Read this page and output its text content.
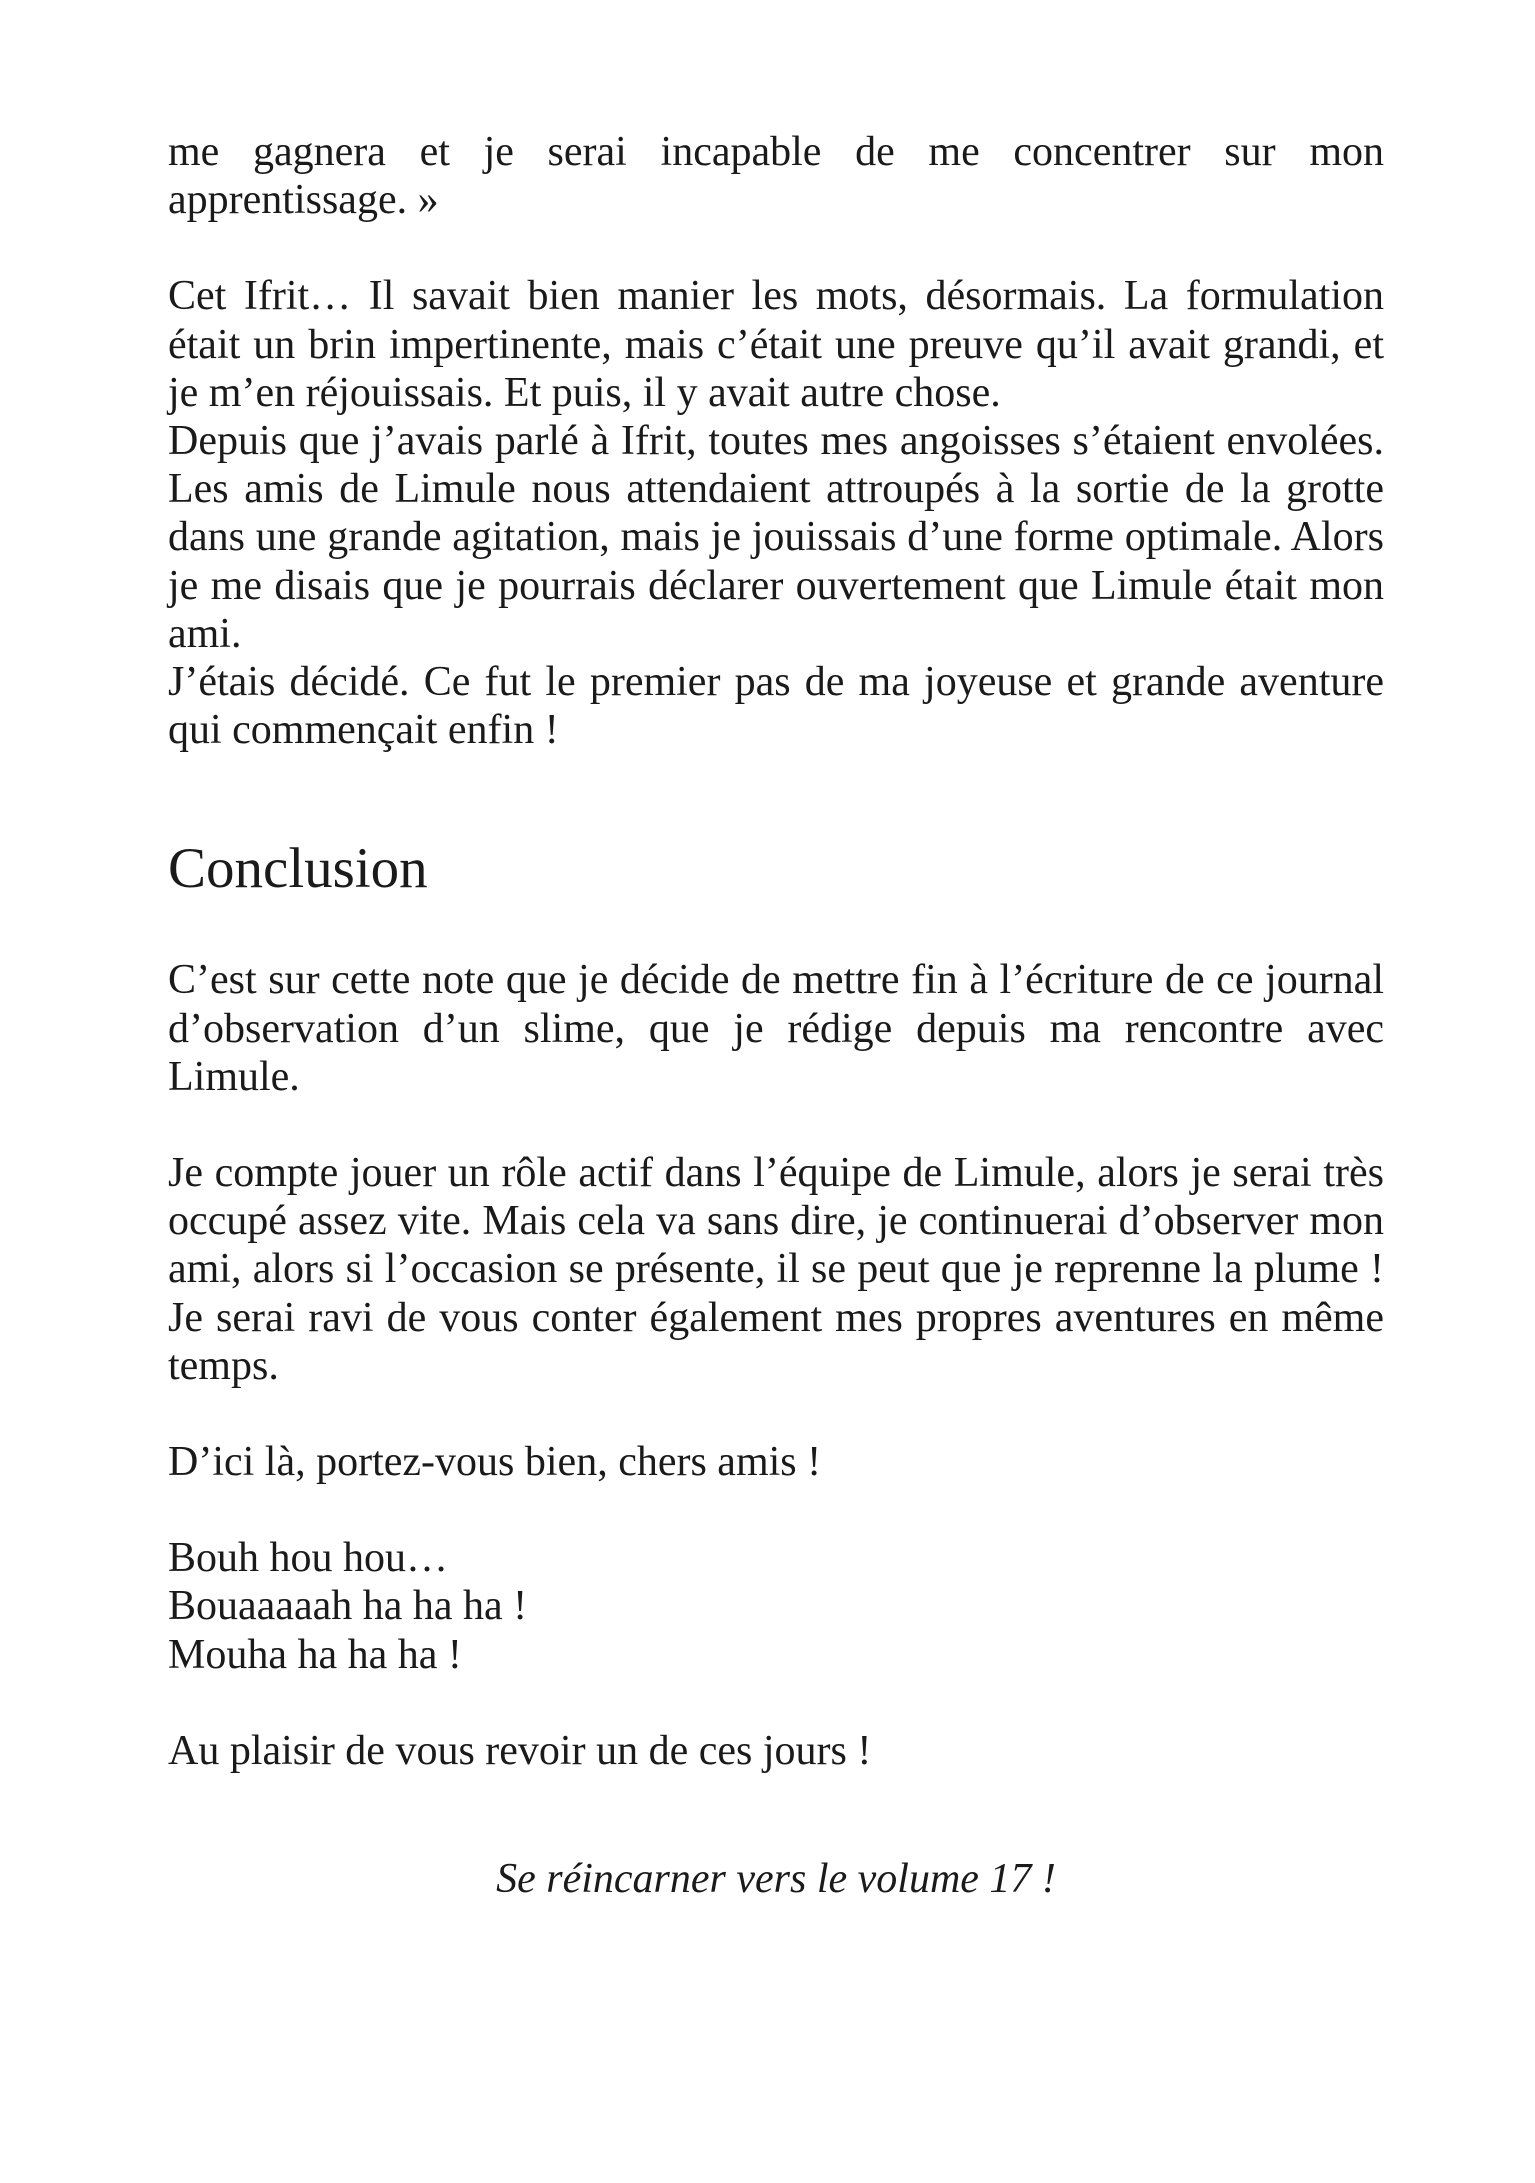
me gagnera et je serai incapable de me concentrer sur mon apprentissage. »

Cet Ifrit… Il savait bien manier les mots, désormais. La formulation était un brin impertinente, mais c’était une preuve qu’il avait grandi, et je m’en réjouissais. Et puis, il y avait autre chose.

Depuis que j’avais parlé à Ifrit, toutes mes angoisses s’étaient envolées. Les amis de Limule nous attendaient attroupés à la sortie de la grotte dans une grande agitation, mais je jouissais d’une forme optimale. Alors je me disais que je pourrais déclarer ouvertement que Limule était mon ami.

J’étais décidé. Ce fut le premier pas de ma joyeuse et grande aventure qui commençait enfin !

Conclusion

C’est sur cette note que je décide de mettre fin à l’écriture de ce journal d’observation d’un slime, que je rédige depuis ma rencontre avec Limule.

Je compte jouer un rôle actif dans l’équipe de Limule, alors je serai très occupé assez vite. Mais cela va sans dire, je continuerai d’observer mon ami, alors si l’occasion se présente, il se peut que je reprenne la plume ! Je serai ravi de vous conter également mes propres aventures en même temps.

D’ici là, portez-vous bien, chers amis !

Bouh hou hou…

Bouaaaaah ha ha ha !

Mouha ha ha ha !

Au plaisir de vous revoir un de ces jours !

Se réincarner vers le volume 17 !
